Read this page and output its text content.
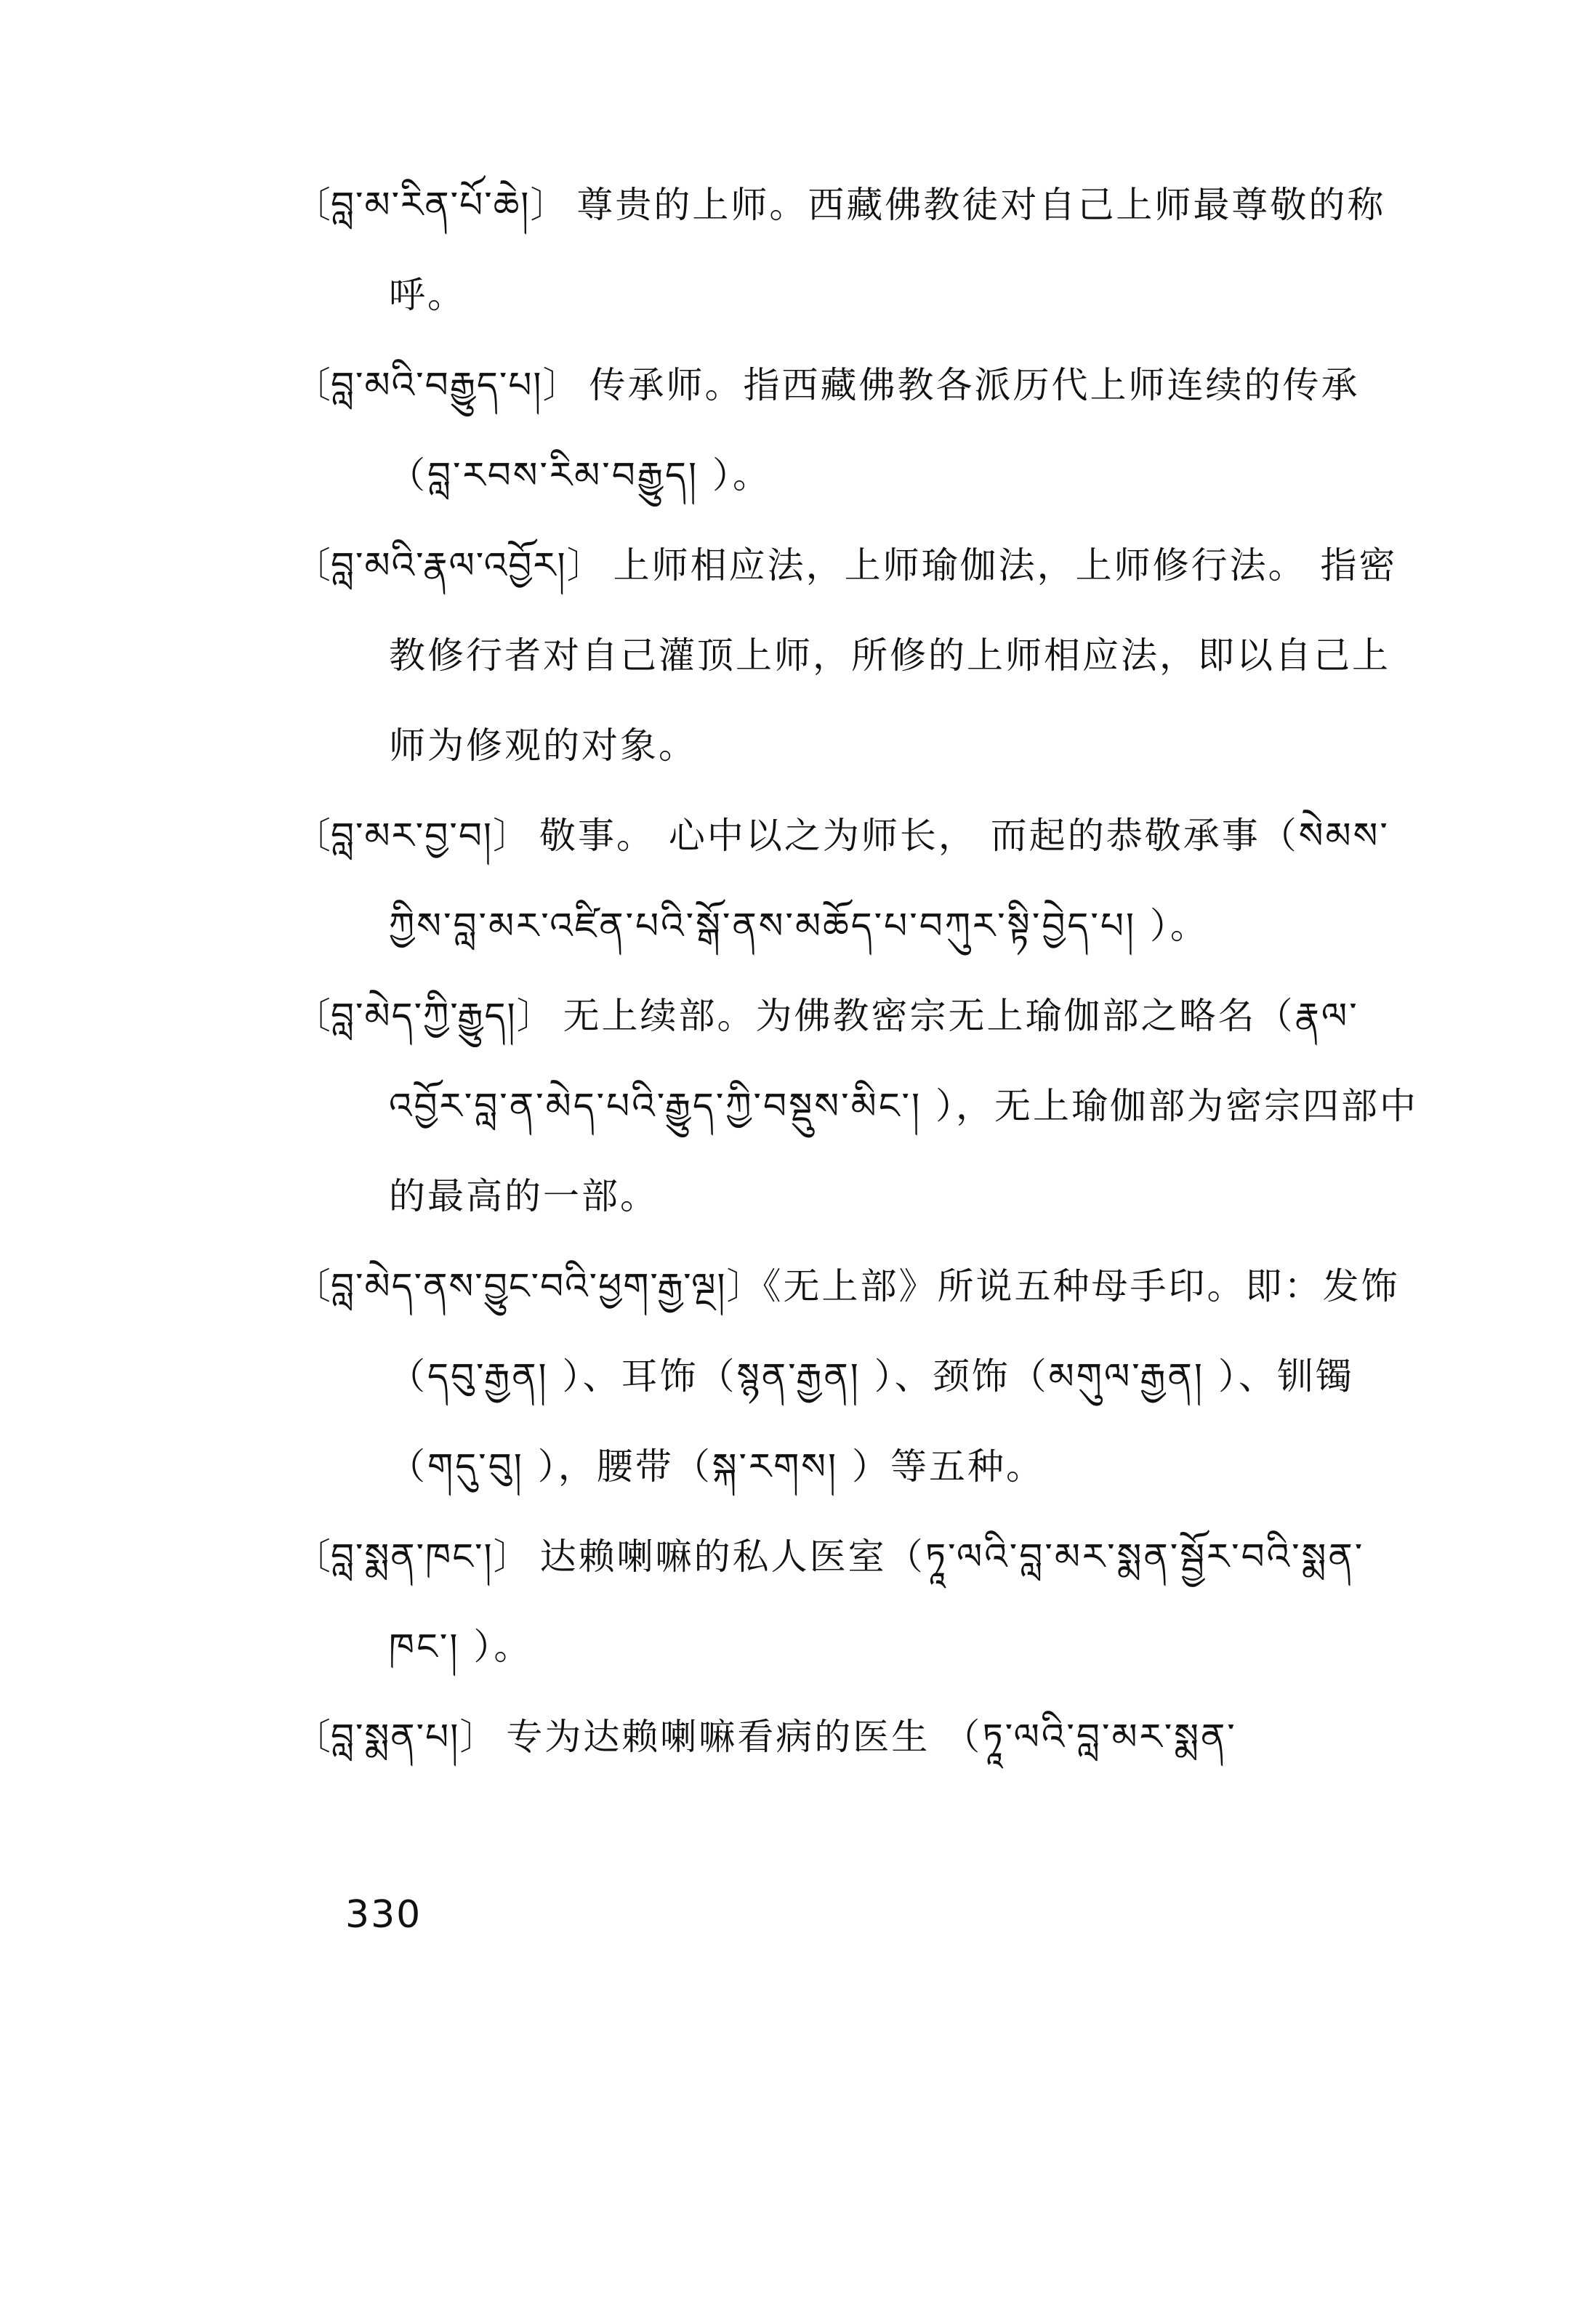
〔བླ་མ་རིན་པོ་ཆེ།〕 尊贵的上师。西藏佛教徒对自己上师最尊敬的称呼。

〔བླ་མའི་བརྒྱུད་པ།〕 传承师。指西藏佛教各派历代上师连续的传承（བླ་རབས་རིམ་བརྒྱུད། ）。

〔བླ་མའི་རྣལ་འབྱོར།〕 上师相应法，上师瑜伽法，上师修行法。 指密教修行者对自己灌顶上师，所修的上师相应法，即以自己上师为修观的对象。

〔བླ་མར་བྱ་བ།〕 敬事。 心中以之为师长， 而起的恭敬承事（སེམས་ཀྱིས་བླ་མར་འཛིན་པའི་སྒོ་ནས་མཆོད་པ་བཀུར་སྟི་བྱེད་པ། ）。

〔བླ་མེད་ཀྱི་རྒྱུད།〕 无上续部。为佛教密宗无上瑜伽部之略名（རྣལ་འབྱོར་བླ་ན་མེད་པའི་རྒྱུད་ཀྱི་བསྡུས་མིང་། ），无上瑜伽部为密宗四部中的最高的一部。

〔བླ་མེད་ནས་བྱུང་བའི་ཕྱག་རྒྱ་ལྔ།〕《无上部》所说五种母手印。即：发饰（དབུ་རྒྱན། ）、耳饰（སྙན་རྒྱན། ）、颈饰（མགུལ་རྒྱན། ）、钏镯（གདུ་བུ། ），腰带（སྐ་རགས། ）等五种。

〔བླ་སྨན་ཁང་།〕 达赖喇嘛的私人医室（ཏཱ་ལའི་བླ་མར་སྨན་སྦྱོར་བའི་སྨན་ཁང་། ）。

〔བླ་སྨན་པ།〕 专为达赖喇嘛看病的医生 （ཏཱ་ལའི་བླ་མར་སྨན་

330
